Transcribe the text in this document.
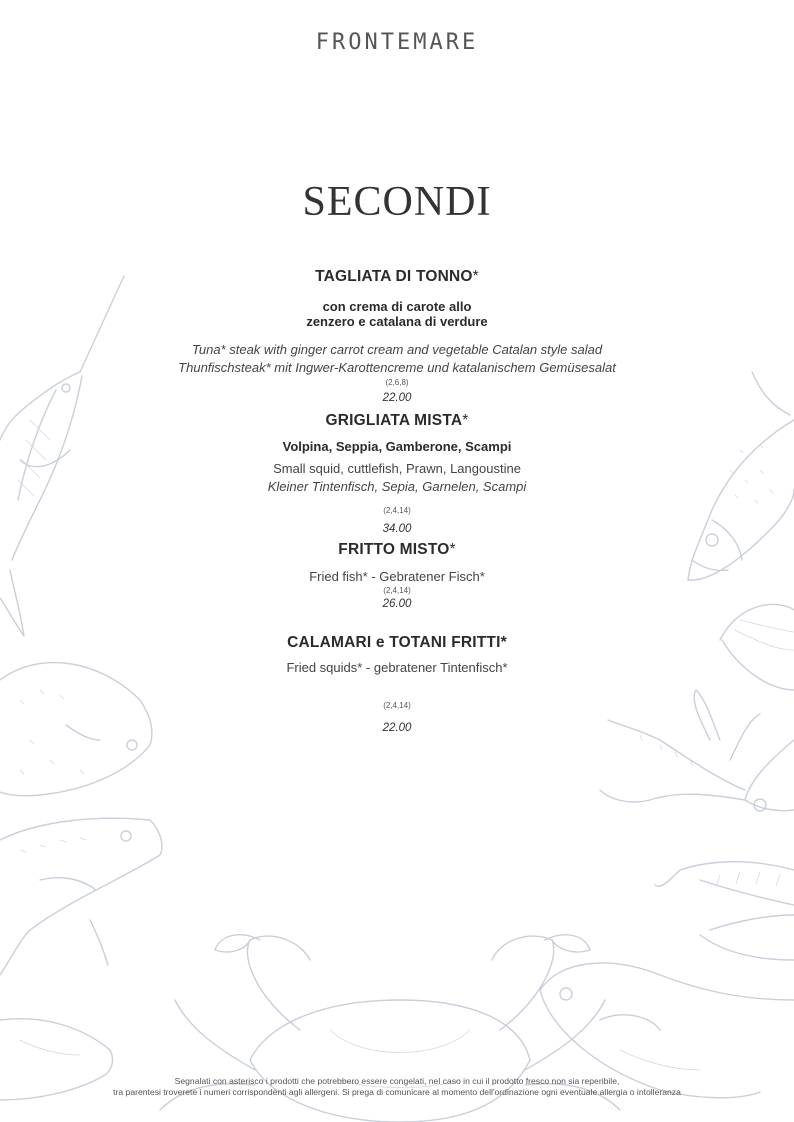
FRONTEMARE
SECONDI
TAGLIATA DI TONNO*
con crema di carote allo
zenzero e catalana di verdure
Tuna* steak with ginger carrot cream and vegetable Catalan style salad
Thunfischsteak* mit Ingwer-Karottencreme und katalanischem Gemüsesalat
(2,6,8)
22.00
GRIGLIATA MISTA*
Volpina, Seppia, Gamberone, Scampi
Small squid, cuttlefish, Prawn, Langoustine
Kleiner Tintenfisch, Sepia, Garnelen, Scampi
(2,4,14)
34.00
FRITTO MISTO*
Fried fish* - Gebratener Fisch*
(2,4,14)
26.00
CALAMARI e TOTANI FRITTI*
Fried squids* - gebratener Tintenfisch*
(2,4,14)
22.00
Segnalati con asterisco i prodotti che potrebbero essere congelati, nel caso in cui il prodotto fresco non sia reperibile,
tra parentesi troverete i numeri corrispondenti agli allergeni. Si prega di comunicare al momento dell'ordinazione ogni eventuale allergia o intolleranza
